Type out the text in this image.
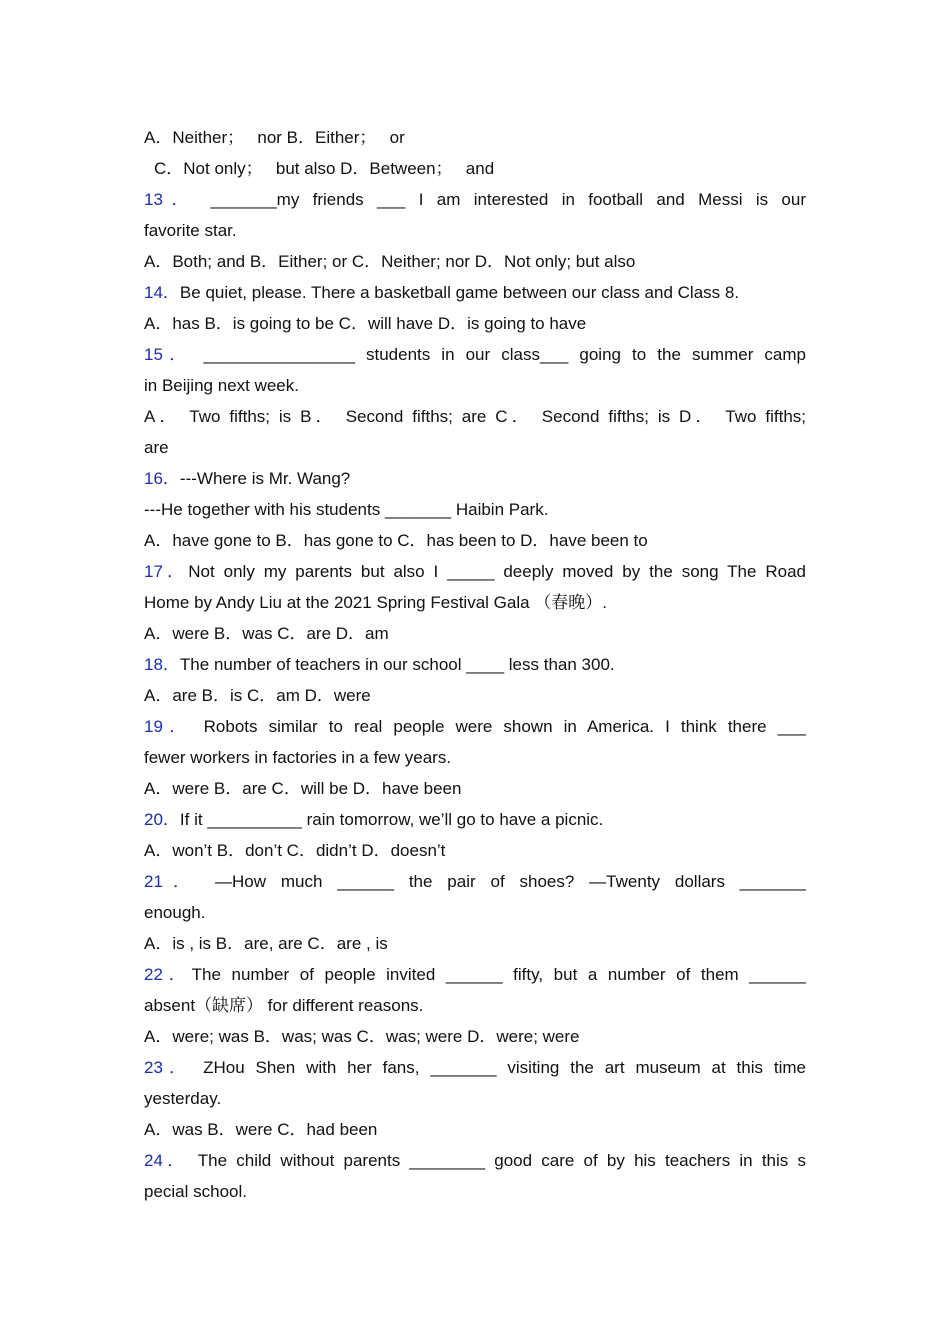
A．Neither；　 nor B．Either；　 or
C．Not only；　 but also D．Between；　 and
13． _______my friends ___ I am interested in football and Messi is our
favorite star.
A．Both; and B．Either; or C．Neither; nor D．Not only; but also
14．Be quiet, please. There a basketball game between our class and Class 8.
A．has B．is going to be C．will have D．is going to have
15． ________________ students in our class___ going to the summer camp
in Beijing next week.
A． Two fifths; is B． Second fifths; are C． Second fifths; is D． Two fifths;
are
16．---Where is Mr. Wang?
---He together with his students _______ Haibin Park.
A．have gone to B．has gone to C．has been to D．have been to
17．Not only my parents but also I _____ deeply moved by the song The Road
Home by Andy Liu at the 2021 Spring Festival Gala （春晚）.
A．were B．was C．are D．am
18．The number of teachers in our school ____ less than 300.
A．are B．is C．am D．were
19． Robots similar to real people were shown in America. I think there ___
fewer workers in factories in a few years.
A．were B．are C．will be D．have been
20．If it __________ rain tomorrow, we’ll go to have a picnic.
A．won’t B．don’t C．didn’t D．doesn’t
21． —How much ______ the pair of shoes? —Twenty dollars _______
enough.
A．is , is B．are, are C．are , is
22．The number of people invited ______ fifty, but a number of them ______
absent（缺席） for different reasons.
A．were; was B．was; was C．was; were D．were; were
23． ZHou Shen with her fans, _______ visiting the art museum at this time
yesterday.
A．was B．were C．had been
24． The child without parents ________ good care of by his teachers in this s
pecial school.
